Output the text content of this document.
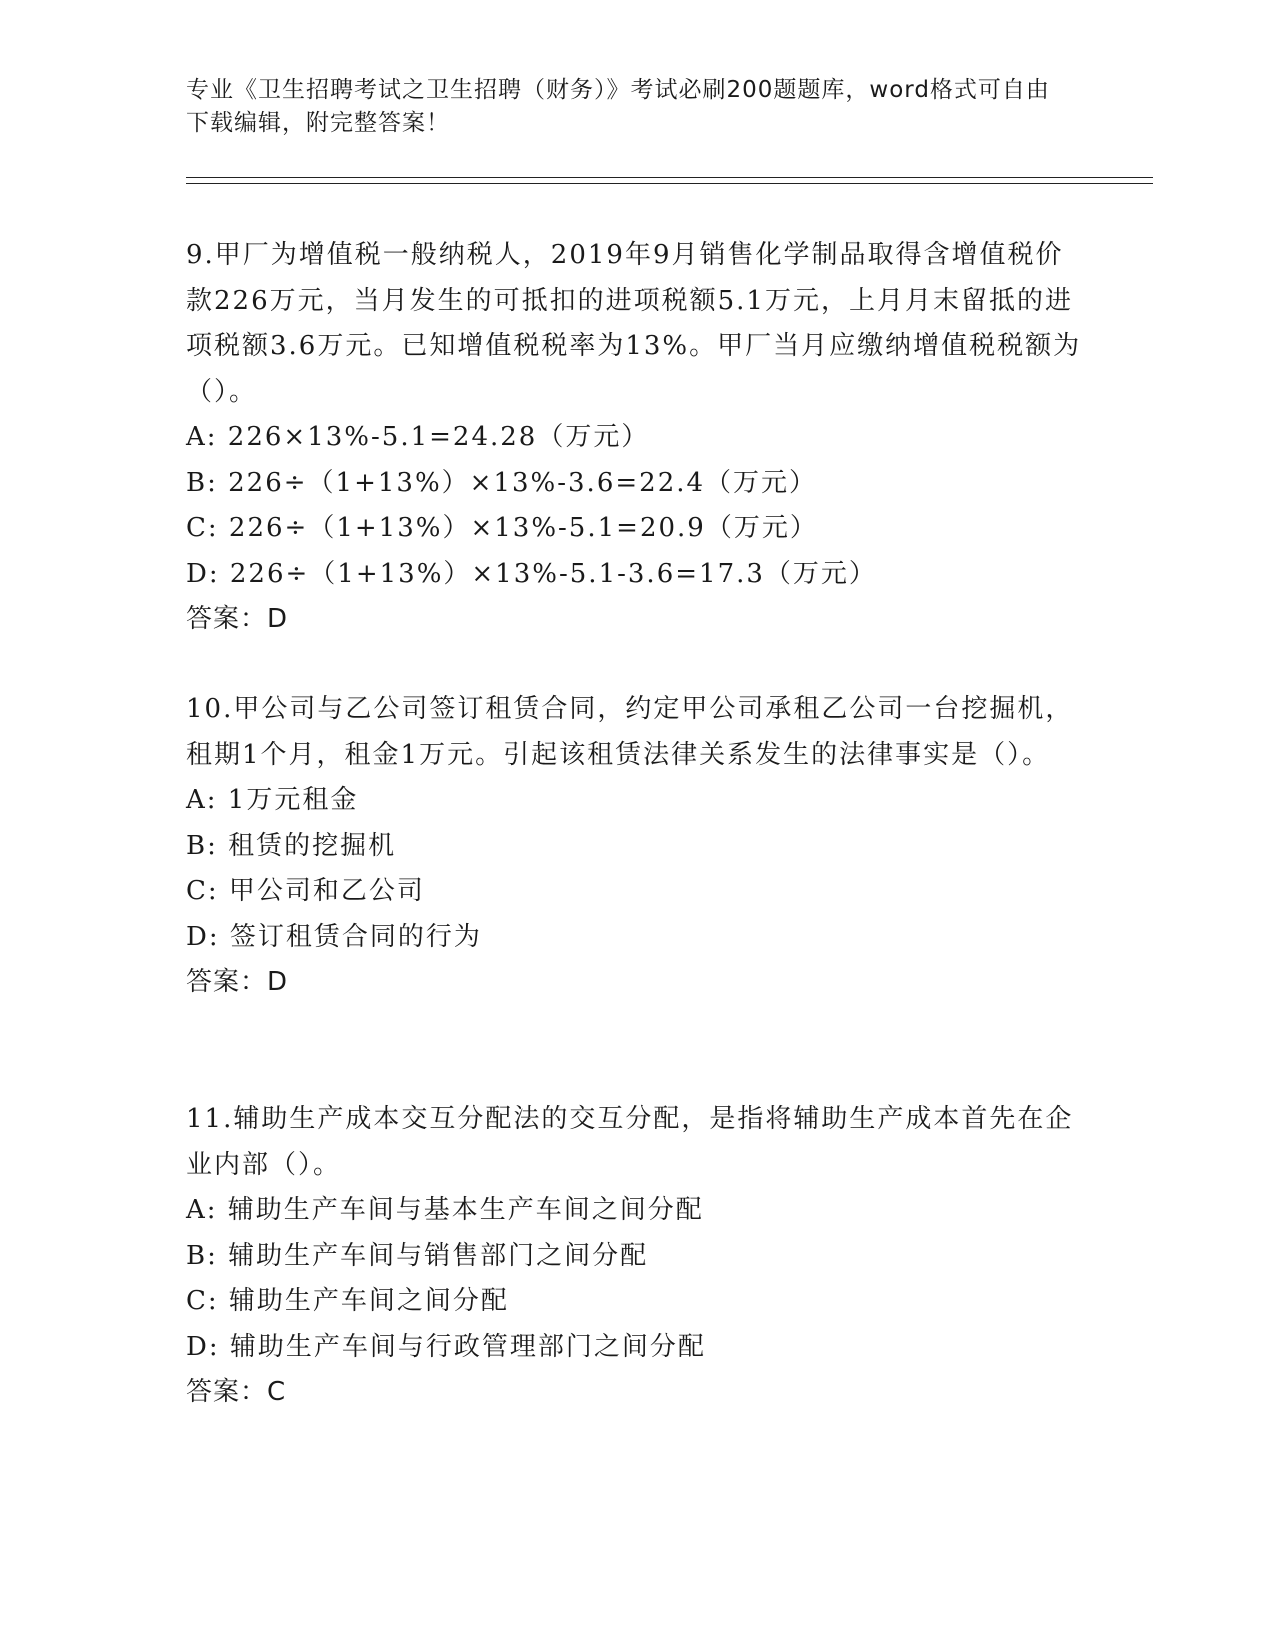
专业《卫生招聘考试之卫生招聘（财务）》考试必刷200题题库，word格式可自由下载编辑，附完整答案！
9.甲厂为增值税一般纳税人，2019年9月销售化学制品取得含增值税价款226万元，当月发生的可抵扣的进项税额5.1万元，上月月末留抵的进项税额3.6万元。已知增值税税率为13%。甲厂当月应缴纳增值税税额为（）。
A: 226×13%-5.1=24.28（万元）
B: 226÷（1+13%）×13%-3.6=22.4（万元）
C: 226÷（1+13%）×13%-5.1=20.9（万元）
D: 226÷（1+13%）×13%-5.1-3.6=17.3（万元）
答案：D
10.甲公司与乙公司签订租赁合同，约定甲公司承租乙公司一台挖掘机，租期1个月，租金1万元。引起该租赁法律关系发生的法律事实是（）。
A: 1万元租金
B: 租赁的挖掘机
C: 甲公司和乙公司
D: 签订租赁合同的行为
答案：D
11.辅助生产成本交互分配法的交互分配，是指将辅助生产成本首先在企业内部（）。
A: 辅助生产车间与基本生产车间之间分配
B: 辅助生产车间与销售部门之间分配
C: 辅助生产车间之间分配
D: 辅助生产车间与行政管理部门之间分配
答案：C
